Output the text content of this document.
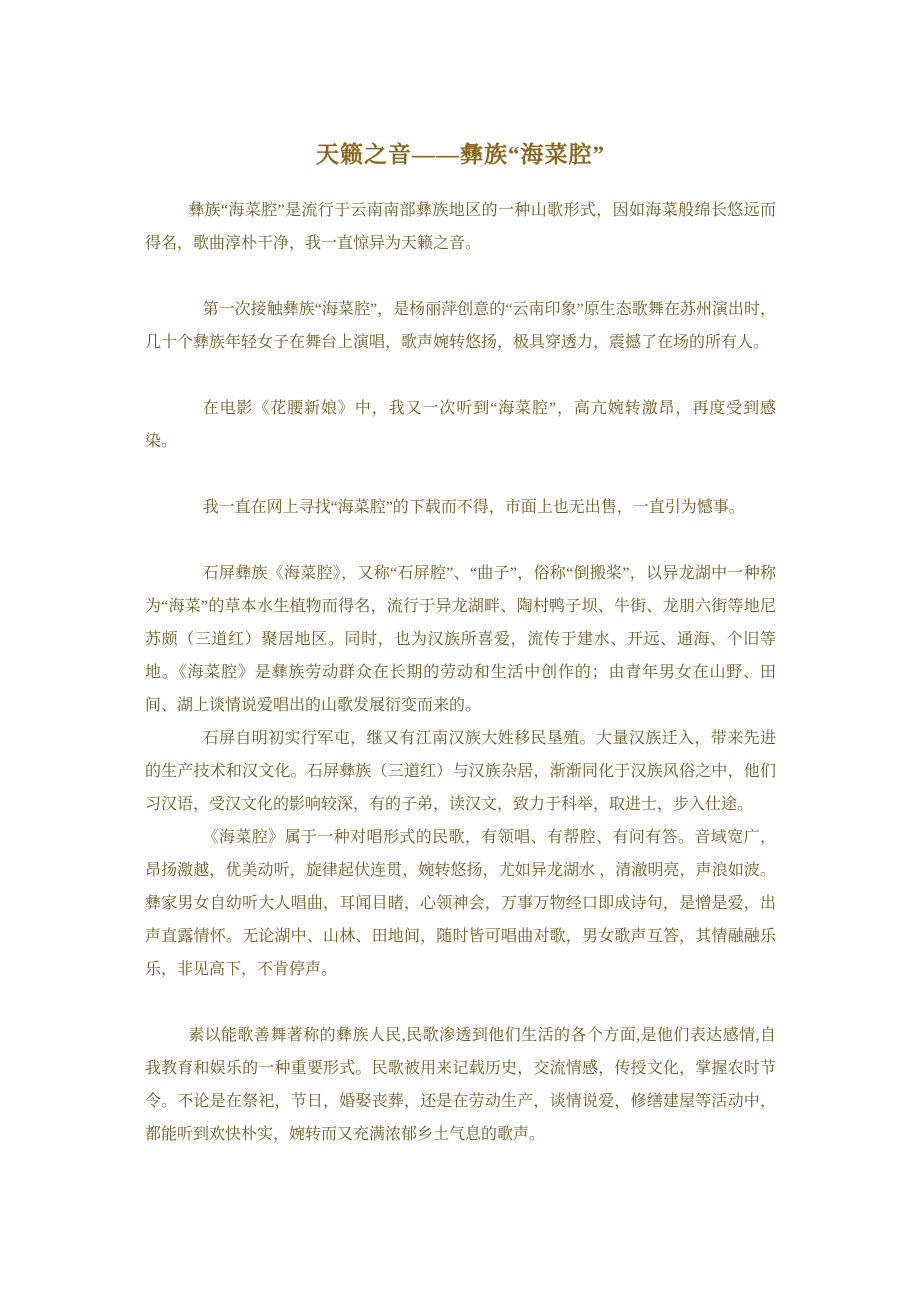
天籁之音——彝族“海菜腔”

彝族“海菜腔”是流行于云南南部彝族地区的一种山歌形式，因如海菜般绵长悠远而得名，歌曲淳朴干净，我一直惊异为天籁之音。

第一次接触彝族“海菜腔”，是杨丽萍创意的“云南印象”原生态歌舞在苏州演出时，几十个彝族年轻女子在舞台上演唱，歌声婉转悠扬，极具穿透力，震撼了在场的所有人。

在电影《花腰新娘》中，我又一次听到“海菜腔”，高亢婉转激昂，再度受到感染。

我一直在网上寻找“海菜腔”的下载而不得，市面上也无出售，一直引为憾事。

石屏彝族《海菜腔》，又称“石屏腔”、“曲子”，俗称“倒搬桨”，以异龙湖中一种称为“海菜”的草本水生植物而得名，流行于异龙湖畔、陶村鸭子坝、牛街、龙朋六街等地尼苏颇（三道红）聚居地区。同时，也为汉族所喜爱，流传于建水、开远、通海、个旧等地。《海菜腔》是彝族劳动群众在长期的劳动和生活中创作的；由青年男女在山野、田间、湖上谈情说爱唱出的山歌发展衍变而来的。

石屏自明初实行军屯，继又有江南汉族大姓移民垦殖。大量汉族迁入，带来先进的生产技术和汉文化。石屏彝族（三道红）与汉族杂居，渐渐同化于汉族风俗之中，他们习汉语，受汉文化的影响较深，有的子弟，读汉文，致力于科举，取进士，步入仕途。

《海菜腔》属于一种对唱形式的民歌，有领唱、有帮腔、有问有答。音域宽广，昂扬激越，优美动听，旋律起伏连贯，婉转悠扬，尤如异龙湖水 ，清澈明亮，声浪如波。彝家男女自幼听大人唱曲，耳闻目睹，心领神会，万事万物经口即成诗句，是憎是爱，出声直露情怀。无论湖中、山林、田地间，随时皆可唱曲对歌，男女歌声互答，其情融融乐乐，非见高下，不肯停声。

素以能歌善舞著称的彝族人民,民歌渗透到他们生活的各个方面,是他们表达感情,自我教育和娱乐的一种重要形式。民歌被用来记载历史，交流情感，传授文化，掌握农时节令。不论是在祭祀，节日，婚娶丧葬，还是在劳动生产，谈情说爱，修缮建屋等活动中，都能听到欢快朴实，婉转而又充满浓郁乡土气息的歌声。
